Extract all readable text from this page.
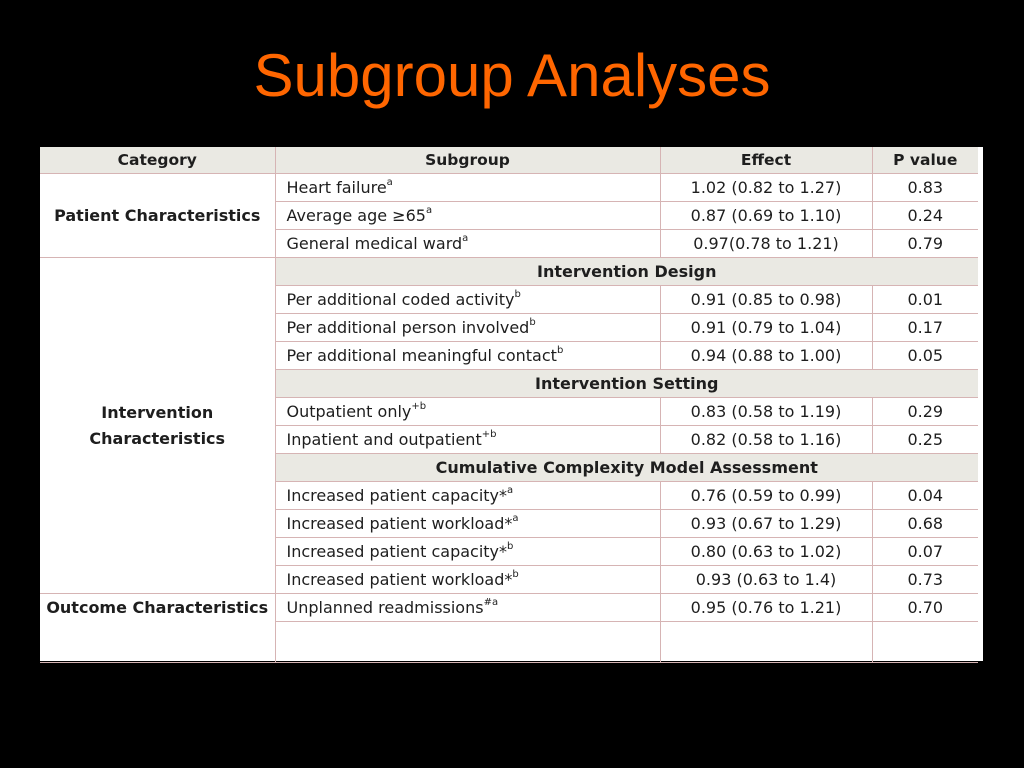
Subgroup Analyses
Category	Subgroup	Effect	P value
Patient Characteristics	Heart failure$^a$	1.02 (0.82 to 1.27)	0.83
	Average age $\ge 65^a$	0.87 (0.69 to 1.10)	0.24
	General medical ward$^a$	0.97(0.78 to 1.21)	0.79
Intervention Characteristics	Intervention Design		
	Per additional coded activity$^b$	0.91 (0.85 to 0.98)	0.01
	Per additional person involved$^b$	0.91 (0.79 to 1.04)	0.17
	Per additional meaningful contact$^b$	0.94 (0.88 to 1.00)	0.05
	Intervention Setting		
	Outpatient only$^{+b}$	0.83 (0.58 to 1.19)	0.29
	Inpatient and outpatient$^{+b}$	0.82 (0.58 to 1.16)	0.25
	Cumulative Complexity Model Assessment		
	Increased patient capacity*$^a$	0.76 (0.59 to 0.99)	0.04
	Increased patient workload*$^a$	0.93 (0.67 to 1.29)	0.68
	Increased patient capacity*$^b$	0.80 (0.63 to 1.02)	0.07
	Increased patient workload*$^b$	0.93 (0.63 to 1.4)	0.73
Outcome Characteristics	Unplanned readmissions$^{\#a}$	0.95 (0.76 to 1.21)	0.70
